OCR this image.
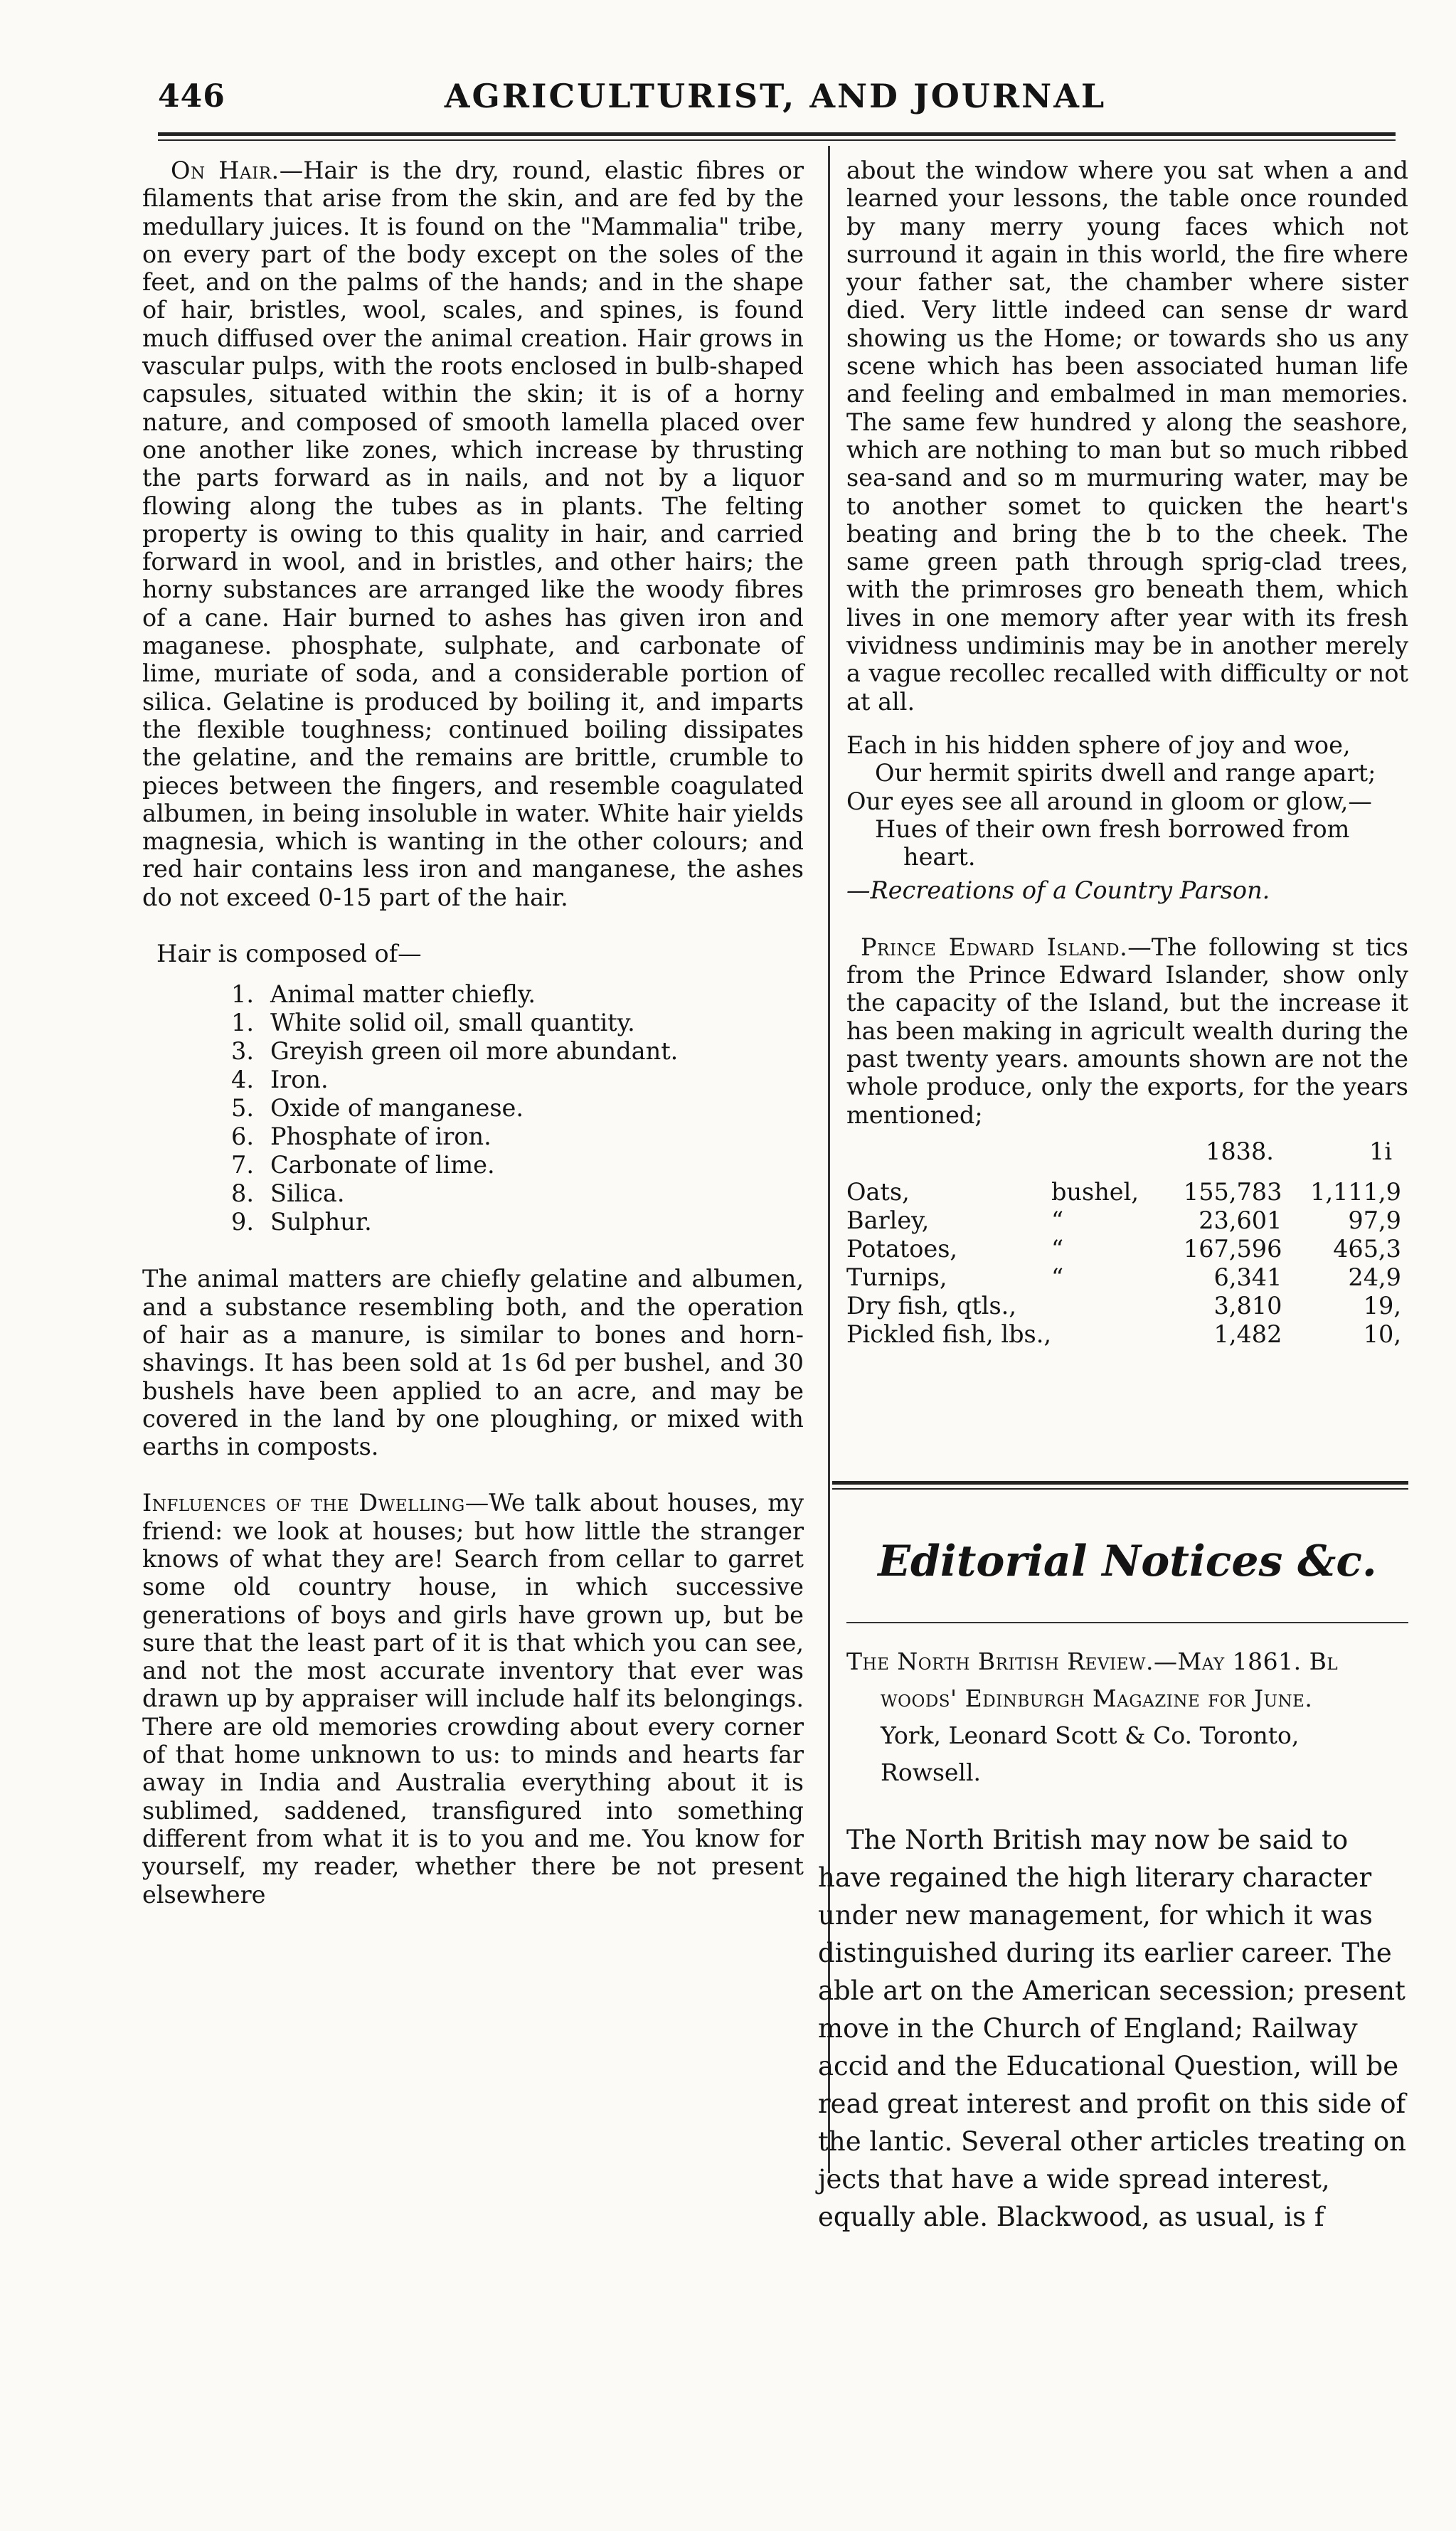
446	AGRICULTURIST, AND JOURNAL

On Hair.—Hair is the dry, round, elastic fibres or filaments that arise from the skin, and are fed by the medullary juices. It is found on the "Mammalia" tribe, on every part of the body except on the soles of the feet, and on the palms of the hands; and in the shape of hair, bristles, wool, scales, and spines, is found much diffused over the animal creation. Hair grows in vascular pulps, with the roots enclosed in bulb-shaped capsules, situated within the skin; it is of a horny nature, and composed of smooth lamella placed over one another like zones, which increase by thrusting the parts forward as in nails, and not by a liquor flowing along the tubes as in plants. The felting property is owing to this quality in hair, and carried forward in wool, and in bristles, and other hairs; the horny substances are arranged like the woody fibres of a cane. Hair burned to ashes has given iron and maganese. phosphate, sulphate, and carbonate of lime, muriate of soda, and a considerable portion of silica. Gelatine is produced by boiling it, and imparts the flexible toughness; continued boiling dissipates the gelatine, and the remains are brittle, crumble to pieces between the fingers, and resemble coagulated albumen, in being insoluble in water. White hair yields magnesia, which is wanting in the other colours; and red hair contains less iron and manganese, the ashes do not exceed 0-15 part of the hair.

Hair is composed of—

1. Animal matter chiefly.
1. White solid oil, small quantity.
3. Greyish green oil more abundant.
4. Iron.
5. Oxide of manganese.
6. Phosphate of iron.
7. Carbonate of lime.
8. Silica.
9. Sulphur.

The animal matters are chiefly gelatine and albumen, and a substance resembling both, and the operation of hair as a manure, is similar to bones and horn-shavings. It has been sold at 1s 6d per bushel, and 30 bushels have been applied to an acre, and may be covered in the land by one ploughing, or mixed with earths in composts.

Influences of the Dwelling—We talk about houses, my friend: we look at houses; but how little the stranger knows of what they are! Search from cellar to garret some old country house, in which successive generations of boys and girls have grown up, but be sure that the least part of it is that which you can see, and not the most accurate inventory that ever was drawn up by appraiser will include half its belongings. There are old memories crowding about every corner of that home unknown to us: to minds and hearts far away in India and Australia everything about it is sublimed, saddened, transfigured into something different from what it is to you and me. You know for yourself, my reader, whether there be not present elsewhere

about the window where you sat when a and learned your lessons, the table once rounded by many merry young faces which not surround it again in this world, the fire where your father sat, the chamber where sister died. Very little indeed can sense dr ward showing us the Home; or towards sho us any scene which has been associated human life and feeling and embalmed in man memories. The same few hundred y along the seashore, which are nothing to man but so much ribbed sea-sand and so m murmuring water, may be to another somet to quicken the heart's beating and bring the b to the cheek. The same green path through sprig-clad trees, with the primroses gro beneath them, which lives in one memory after year with its fresh vividness undiminis may be in another merely a vague recollec recalled with difficulty or not at all.

Each in his hidden sphere of joy and woe,
Our hermit spirits dwell and range apart;
Our eyes see all around in gloom or glow,—
Hues of their own fresh borrowed from
heart.

—Recreations of a Country Parson.

Prince Edward Island.—The following st tics from the Prince Edward Islander, show only the capacity of the Island, but the increase it has been making in agricult wealth during the past twenty years. amounts shown are not the whole produce, only the exports, for the years mentioned;

1838.	1i
Oats,	bushel,	155,783	1,111,9
Barley,	“	23,601	97,9
Potatoes,	“	167,596	465,3
Turnips,	“	6,341	24,9
Dry fish, qtls.,		3,810	19,
Pickled fish, lbs.,		1,482	10,
Editorial Notices &c.
The North British Review.—May 1861. Bl
woods' Edinburgh Magazine for June.
York, Leonard Scott & Co. Toronto,
Rowsell.
The North British may now be said to have regained the high literary character under new management, for which it was distinguished during its earlier career. The able art on the American secession; present move in the Church of England; Railway accid and the Educational Question, will be read great interest and profit on this side of the lantic. Several other articles treating on jects that have a wide spread interest, equally able. Blackwood, as usual, is f
